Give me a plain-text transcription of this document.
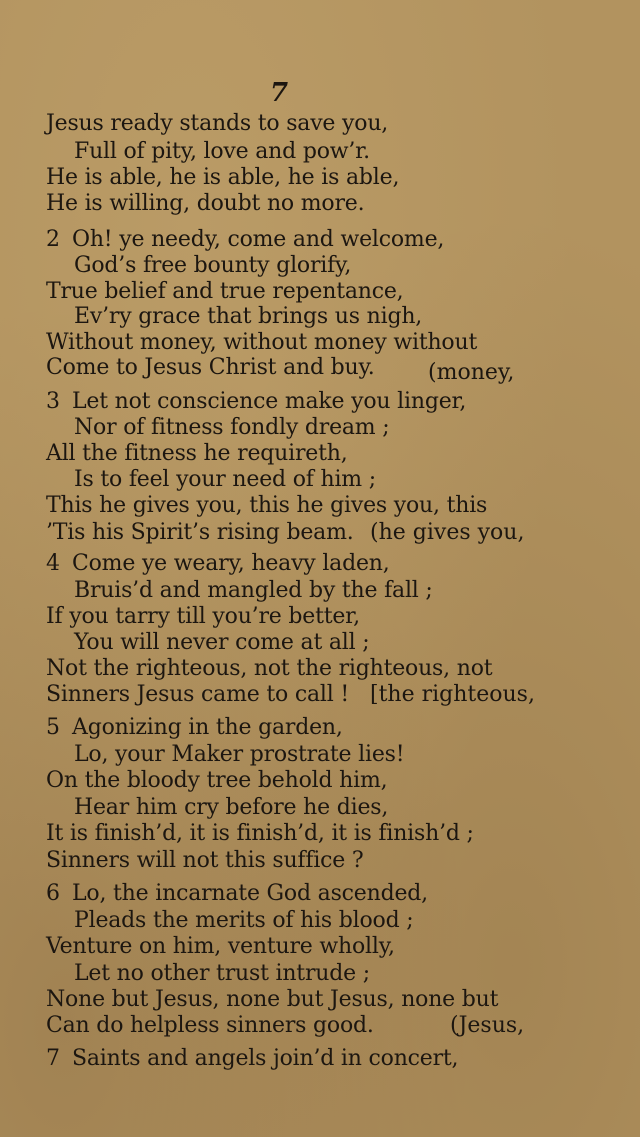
7
Jesus ready stands to save you,
Full of pity, love and pow’r.
He is able, he is able, he is able,
He is willing, doubt no more.
2 Oh! ye needy, come and welcome,
God’s free bounty glorify,
True belief and true repentance,
Ev’ry grace that brings us nigh,
Without money, without money without
Come to Jesus Christ and buy. (money,
3 Let not conscience make you linger,
Nor of fitness fondly dream ;
All the fitness he requireth,
Is to feel your need of him ;
This he gives you, this he gives you, this
’Tis his Spirit’s rising beam. (he gives you,
4 Come ye weary, heavy laden,
Bruis’d and mangled by the fall ;
If you tarry till you’re better,
You will never come at all ;
Not the righteous, not the righteous, not
Sinners Jesus came to call ! [the righteous,
5 Agonizing in the garden,
Lo, your Maker prostrate lies!
On the bloody tree behold him,
Hear him cry before he dies,
It is finish’d, it is finish’d, it is finish’d ;
Sinners will not this suffice ?
6 Lo, the incarnate God ascended,
Pleads the merits of his blood ;
Venture on him, venture wholly,
Let no other trust intrude ;
None but Jesus, none but Jesus, none but
Can do helpless sinners good.	(Jesus,
7 Saints and angels join’d in concert,
